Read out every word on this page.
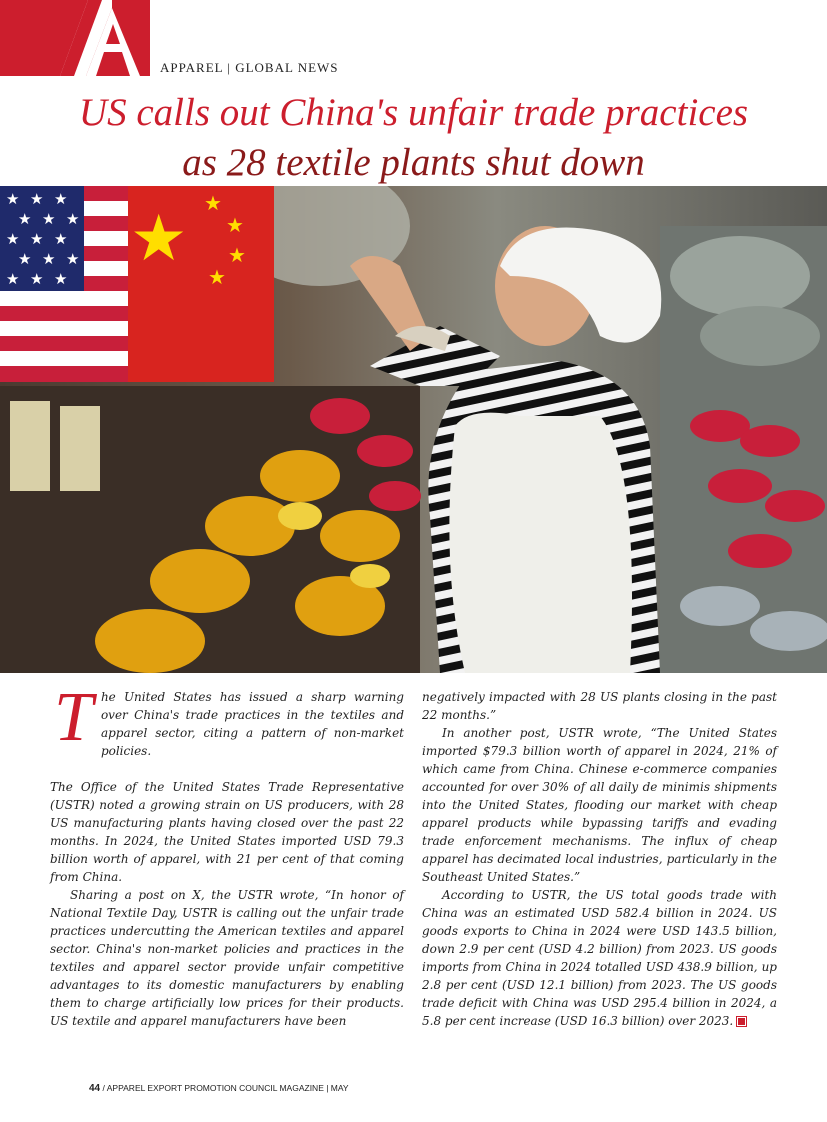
APPAREL | GLOBAL NEWS
US calls out China's unfair trade practices
as 28 textile plants shut down
★ ★ ★
★ ★ ★
★ ★ ★
★ ★ ★
★ ★ ★
★ ★
★
★
★

The United States has issued a sharp warning over China's trade practices in the textiles and apparel sector, citing a pattern of non-market policies.

The Office of the United States Trade Representative (USTR) noted a growing strain on US producers, with 28 US manufacturing plants having closed over the past 22 months. In 2024, the United States imported USD 79.3 billion worth of apparel, with 21 per cent of that coming from China.

Sharing a post on X, the USTR wrote, “In honor of National Textile Day, USTR is calling out the unfair trade practices undercutting the American textiles and apparel sector. China's non-market policies and practices in the textiles and apparel sector provide unfair competitive advantages to its domestic manufacturers by enabling them to charge artificially low prices for their products. US textile and apparel manufacturers have been

negatively impacted with 28 US plants closing in the past 22 months.”

In another post, USTR wrote, “The United States imported $79.3 billion worth of apparel in 2024, 21% of which came from China. Chinese e-commerce companies accounted for over 30% of all daily de minimis shipments into the United States, flooding our market with cheap apparel products while bypassing tariffs and evading trade enforcement mechanisms. The influx of cheap apparel has decimated local industries, particularly in the Southeast United States.”

According to USTR, the US total goods trade with China was an estimated USD 582.4 billion in 2024. US goods exports to China in 2024 were USD 143.5 billion, down 2.9 per cent (USD 4.2 billion) from 2023. US goods imports from China in 2024 totalled USD 438.9 billion, up 2.8 per cent (USD 12.1 billion) from 2023. The US goods trade deficit with China was USD 295.4 billion in 2024, a 5.8 per cent increase (USD 16.3 billion) over 2023.

44 / APPAREL EXPORT PROMOTION COUNCIL MAGAZINE | MAY
